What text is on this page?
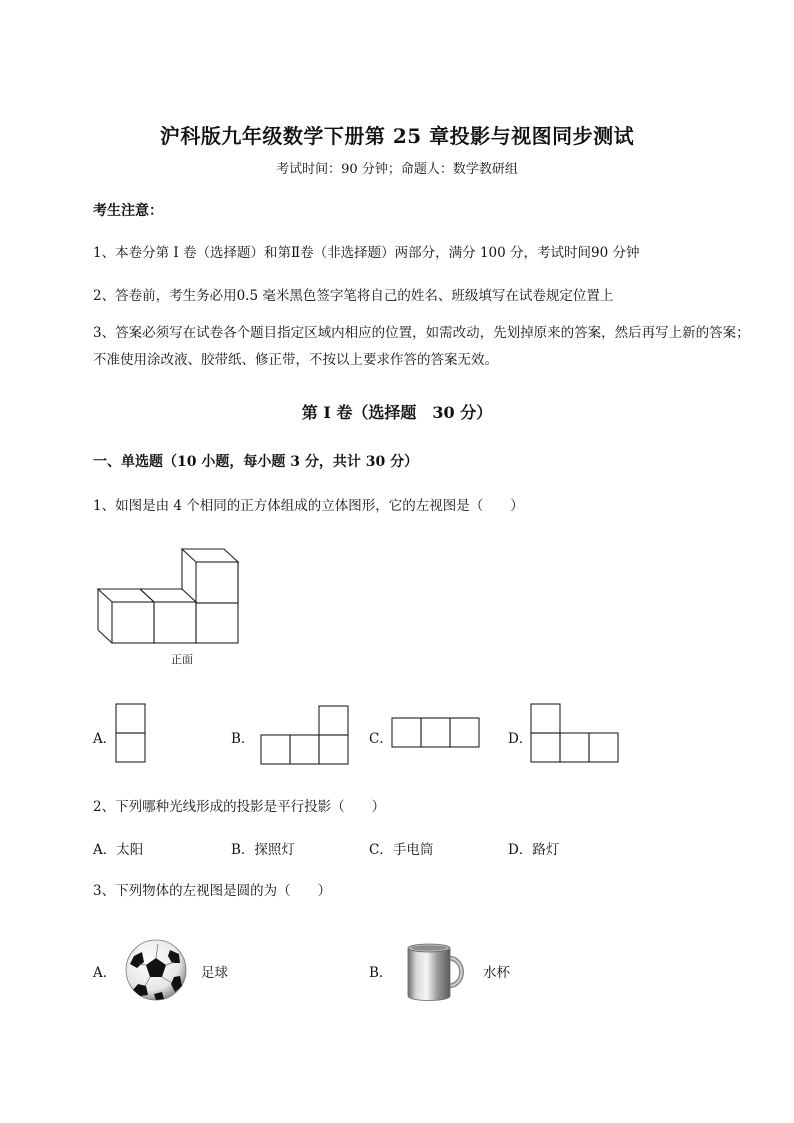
沪科版九年级数学下册第 25 章投影与视图同步测试
考试时间：90 分钟；命题人：数学教研组
考生注意：
1、本卷分第 I 卷（选择题）和第Ⅱ卷（非选择题）两部分，满分 100 分，考试时间90 分钟
2、答卷前，考生务必用0.5 毫米黑色签字笔将自己的姓名、班级填写在试卷规定位置上
3、答案必须写在试卷各个题目指定区域内相应的位置，如需改动，先划掉原来的答案，然后再写上新的答案；不准使用涂改液、胶带纸、修正带，不按以上要求作答的答案无效。
第 I 卷（选择题　30 分）
一、单选题（10 小题，每小题 3 分，共计 30 分）
1、如图是由 4 个相同的正方体组成的立体图形，它的左视图是（　　）
正面
A．	B．	C．	D．
2、下列哪种光线形成的投影是平行投影（　　）
A．太阳	B．探照灯	C．手电筒	D．路灯
3、下列物体的左视图是圆的为（　　）
A．	足球	B．	水杯
